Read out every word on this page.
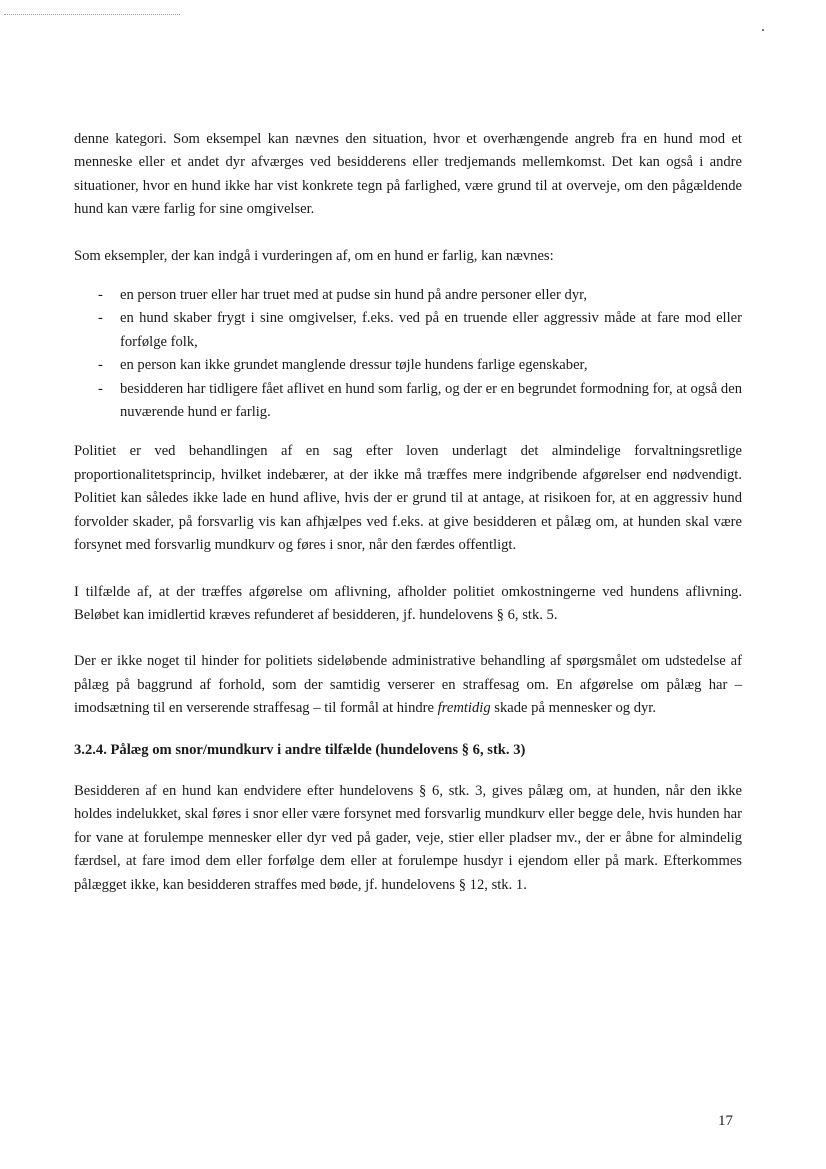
denne kategori. Som eksempel kan nævnes den situation, hvor et overhængende angreb fra en hund mod et menneske eller et andet dyr afværges ved besidderens eller tredjemands mellemkomst. Det kan også i andre situationer, hvor en hund ikke har vist konkrete tegn på farlighed, være grund til at overveje, om den pågældende hund kan være farlig for sine omgivelser.

Som eksempler, der kan indgå i vurderingen af, om en hund er farlig, kan nævnes:

- en person truer eller har truet med at pudse sin hund på andre personer eller dyr,
- en hund skaber frygt i sine omgivelser, f.eks. ved på en truende eller aggressiv måde at fare mod eller forfølge folk,
- en person kan ikke grundet manglende dressur tøjle hundens farlige egenskaber,
- besidderen har tidligere fået aflivet en hund som farlig, og der er en begrundet formodning for, at også den nuværende hund er farlig.

Politiet er ved behandlingen af en sag efter loven underlagt det almindelige forvaltningsretlige proportionalitetsprincip, hvilket indebærer, at der ikke må træffes mere indgribende afgørelser end nødvendigt. Politiet kan således ikke lade en hund aflive, hvis der er grund til at antage, at risikoen for, at en aggressiv hund forvolder skader, på forsvarlig vis kan afhjælpes ved f.eks. at give besidderen et pålæg om, at hunden skal være forsynet med forsvarlig mundkurv og føres i snor, når den færdes offentligt.

I tilfælde af, at der træffes afgørelse om aflivning, afholder politiet omkostningerne ved hundens aflivning. Beløbet kan imidlertid kræves refunderet af besidderen, jf. hundelovens § 6, stk. 5.

Der er ikke noget til hinder for politiets sideløbende administrative behandling af spørgsmålet om udstedelse af pålæg på baggrund af forhold, som der samtidig verserer en straffesag om. En afgørelse om pålæg har – imodsætning til en verserende straffesag – til formål at hindre fremtidig skade på mennesker og dyr.

3.2.4. Pålæg om snor/mundkurv i andre tilfælde (hundelovens § 6, stk. 3)

Besidderen af en hund kan endvidere efter hundelovens § 6, stk. 3, gives pålæg om, at hunden, når den ikke holdes indelukket, skal føres i snor eller være forsynet med forsvarlig mundkurv eller begge dele, hvis hunden har for vane at forulempe mennesker eller dyr ved på gader, veje, stier eller pladser mv., der er åbne for almindelig færdsel, at fare imod dem eller forfølge dem eller at forulempe husdyr i ejendom eller på mark. Efterkommes pålægget ikke, kan besidderen straffes med bøde, jf. hundelovens § 12, stk. 1.

17
